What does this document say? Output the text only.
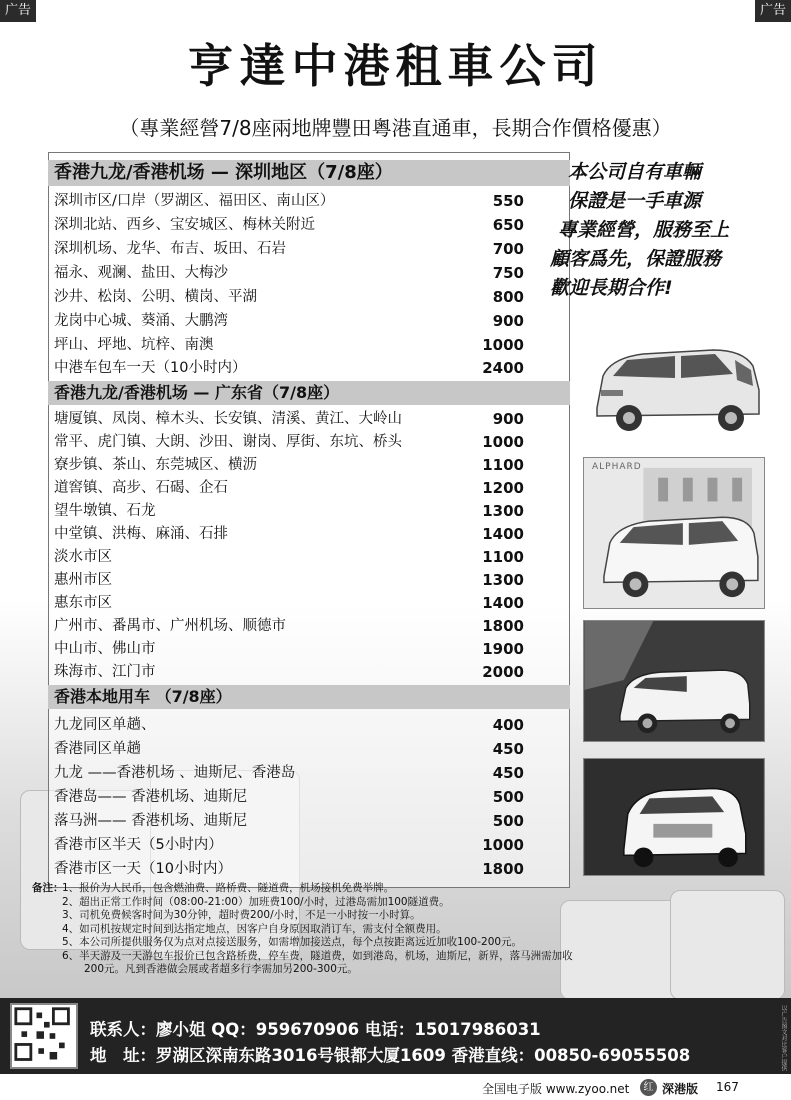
广告	广告
亨達中港租車公司
（專業經營7/8座兩地牌豐田粵港直通車，長期合作價格優惠）
香港九龙/香港机场 — 深圳地区（7/8座）
深圳市区/口岸（罗湖区、福田区、南山区）	550
深圳北站、西乡、宝安城区、梅林关附近	650
深圳机场、龙华、布吉、坂田、石岩	700
福永、观澜、盐田、大梅沙	750
沙井、松岗、公明、横岗、平湖	800
龙岗中心城、葵涌、大鹏湾	900
坪山、坪地、坑梓、南澳	1000
中港车包车一天（10小时内）	2400
香港九龙/香港机场 — 广东省（7/8座）
塘厦镇、凤岗、樟木头、长安镇、清溪、黄江、大岭山	900
常平、虎门镇、大朗、沙田、谢岗、厚街、东坑、桥头	1000
寮步镇、茶山、东莞城区、横沥	1100
道窖镇、高步、石碣、企石	1200
望牛墩镇、石龙	1300
中堂镇、洪梅、麻涌、石排	1400
淡水市区	1100
惠州市区	1300
惠东市区	1400
广州市、番禺市、广州机场、顺德市	1800
中山市、佛山市	1900
珠海市、江门市	2000
香港本地用车 （7/8座）
九龙同区单趟、	400
香港同区单趟	450
九龙 ——香港机场 、迪斯尼、香港岛	450
香港岛—— 香港机场、迪斯尼	500
落马洲—— 香港机场、迪斯尼	500
香港市区半天（5小时内）	1000
香港市区一天（10小时内）	1800
本公司自有車輛
保證是一手車源
專業經營，服務至上
顧客爲先，保證服務
歡迎長期合作!
ALPHARD
备注：
1、报价为人民币，包含燃油费、路桥费、隧道费，机场接机免费举牌。
2、超出正常工作时间（08:00-21:00）加班费100/小时，过港岛需加100隧道费。
3、司机免费候客时间为30分钟，超时费200/小时，不足一小时按一小时算。
4、如司机按规定时间到达指定地点，因客户自身原因取消订车，需支付全额费用。
5、本公司所提供服务仅为点对点接送服务，如需增加接送点，每个点按距离远近加收100-200元。
6、半天游及一天游包车报价已包含路桥费，停车费，隧道费，如到港岛，机场，迪斯尼，新界，落马洲需加收
200元。凡到香港做会展或者超多行李需加另200-300元。
联系人：廖小姐 QQ：959670906 电话：15017986031
地　址：罗湖区深南东路3016号银都大厦1609 香港直线：00850-69055508	以广告图文对比客户提供
全国电子版 www.zyoo.net	红 深港版 167
